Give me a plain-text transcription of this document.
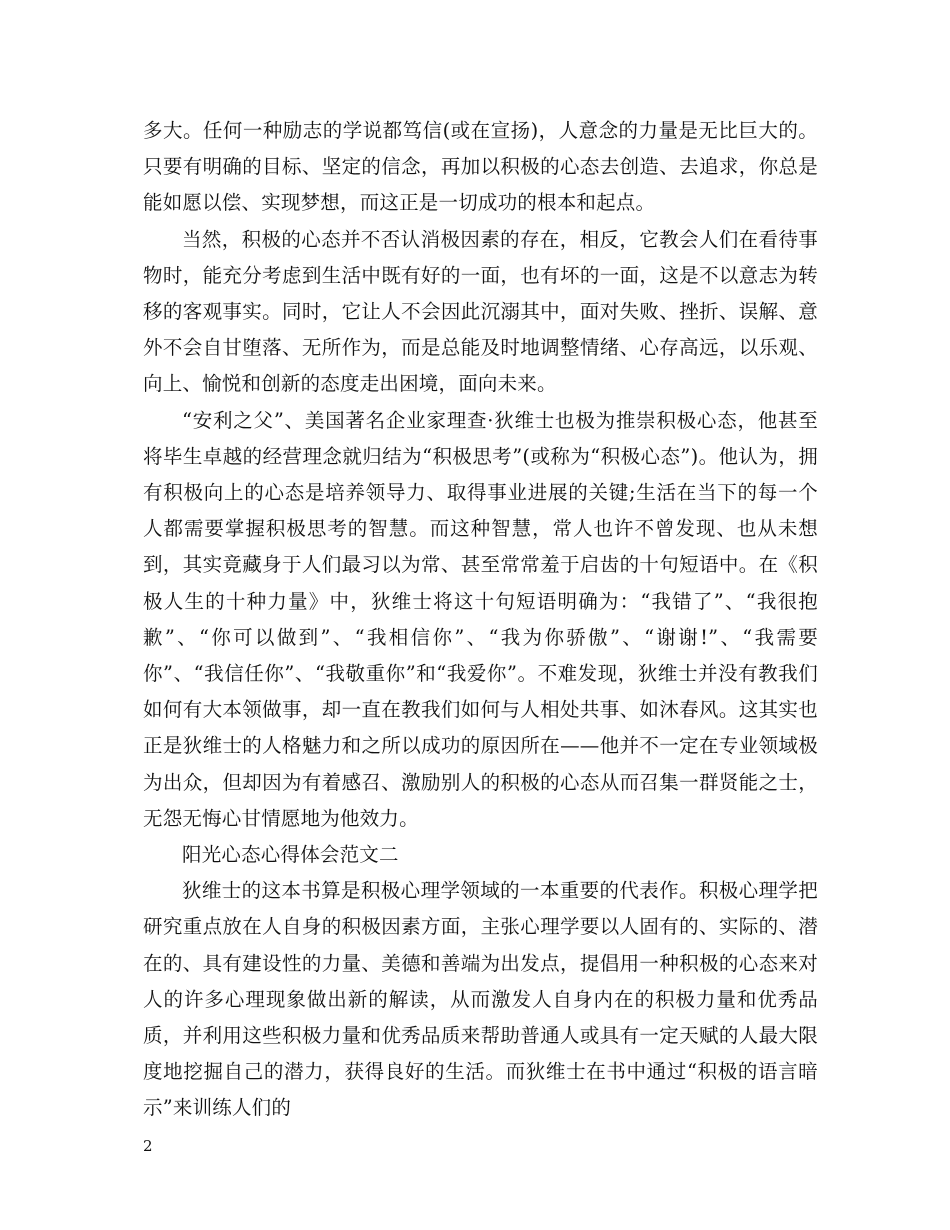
多大。任何一种励志的学说都笃信(或在宣扬)，人意念的力量是无比巨大的。只要有明确的目标、坚定的信念，再加以积极的心态去创造、去追求，你总是能如愿以偿、实现梦想，而这正是一切成功的根本和起点。

当然，积极的心态并不否认消极因素的存在，相反，它教会人们在看待事物时，能充分考虑到生活中既有好的一面，也有坏的一面，这是不以意志为转移的客观事实。同时，它让人不会因此沉溺其中，面对失败、挫折、误解、意外不会自甘堕落、无所作为，而是总能及时地调整情绪、心存高远，以乐观、向上、愉悦和创新的态度走出困境，面向未来。

“安利之父”、美国著名企业家理查·狄维士也极为推崇积极心态，他甚至将毕生卓越的经营理念就归结为“积极思考”(或称为“积极心态”)。他认为，拥有积极向上的心态是培养领导力、取得事业进展的关键;生活在当下的每一个人都需要掌握积极思考的智慧。而这种智慧，常人也许不曾发现、也从未想到，其实竟藏身于人们最习以为常、甚至常常羞于启齿的十句短语中。在《积极人生的十种力量》中，狄维士将这十句短语明确为：“我错了”、“我很抱歉”、“你可以做到”、“我相信你”、“我为你骄傲”、“谢谢!”、“我需要你”、“我信任你”、“我敬重你”和“我爱你”。不难发现，狄维士并没有教我们如何有大本领做事，却一直在教我们如何与人相处共事、如沐春风。这其实也正是狄维士的人格魅力和之所以成功的原因所在——他并不一定在专业领域极为出众，但却因为有着感召、激励别人的积极的心态从而召集一群贤能之士，无怨无悔心甘情愿地为他效力。

阳光心态心得体会范文二

狄维士的这本书算是积极心理学领域的一本重要的代表作。积极心理学把研究重点放在人自身的积极因素方面，主张心理学要以人固有的、实际的、潜在的、具有建设性的力量、美德和善端为出发点，提倡用一种积极的心态来对人的许多心理现象做出新的解读，从而激发人自身内在的积极力量和优秀品质，并利用这些积极力量和优秀品质来帮助普通人或具有一定天赋的人最大限度地挖掘自己的潜力，获得良好的生活。而狄维士在书中通过“积极的语言暗示”来训练人们的

2
